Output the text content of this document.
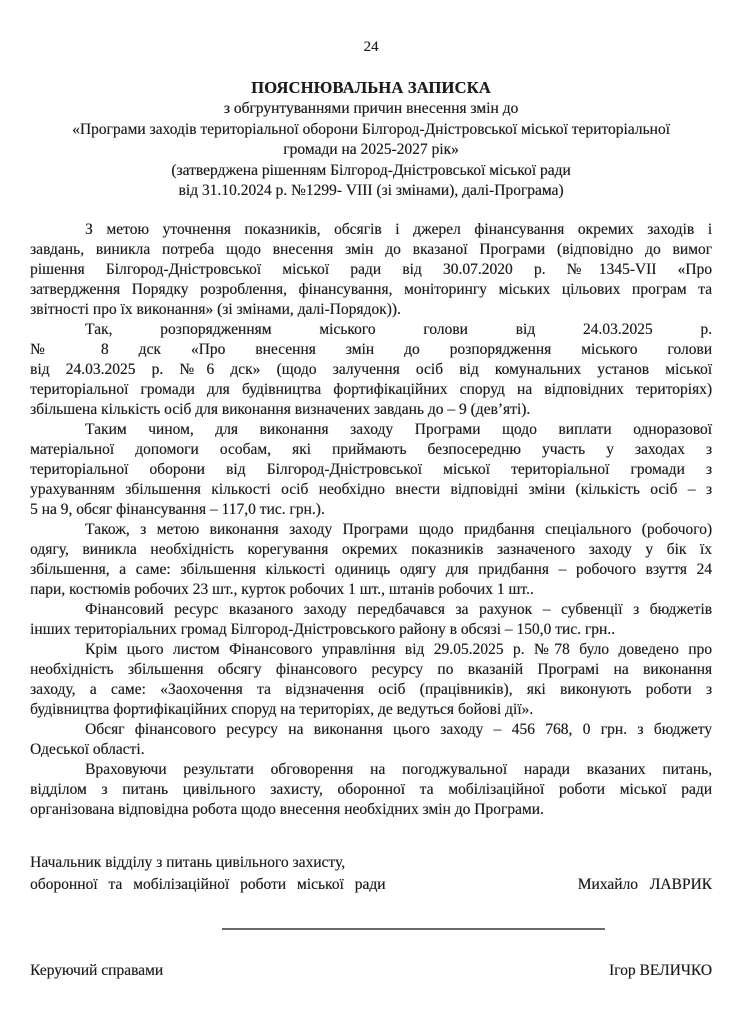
24
ПОЯСНЮВАЛЬНА ЗАПИСКА
з обгрунтуваннями причин внесення змін до
«Програми заходів територіальної оборони Білгород-Дністровської міської територіальної
громади на 2025-2027 рік»
(затверджена рішенням Білгород-Дністровської міської ради
від 31.10.2024 р. №1299- VIII (зі змінами), далі-Програма)
З метою уточнення показників, обсягів і джерел фінансування окремих заходів і
завдань, виникла потреба щодо внесення змін до вказаної Програми (відповідно до вимог
рішення Білгород-Дністровської міської ради від 30.07.2020 р. №1345-VII «Про
затвердження Порядку розроблення, фінансування, моніторингу міських цільових програм та
звітності про їх виконання» (зі змінами, далі-Порядок)).
Так, розпорядженням міського голови від 24.03.2025 р.
№ 8 дск «Про внесення змін до розпорядження міського голови
від 24.03.2025 р. №6 дск» (щодо залучення осіб від комунальних установ міської
територіальної громади для будівництва фортифікаційних споруд на відповідних територіях)
збільшена кількість осіб для виконання визначених завдань до – 9 (дев’яті).
Таким чином, для виконання заходу Програми щодо виплати одноразової
матеріальної допомоги особам, які приймають безпосередню участь у заходах з
територіальної оборони від Білгород-Дністровської міської територіальної громади з
урахуванням збільшення кількості осіб необхідно внести відповідні зміни (кількість осіб – з
5 на 9, обсяг фінансування – 117,0 тис. грн.).
Також, з метою виконання заходу Програми щодо придбання спеціального (робочого)
одягу, виникла необхідність корегування окремих показників зазначеного заходу у бік їх
збільшення, а саме: збільшення кількості одиниць одягу для придбання – робочого взуття 24
пари, костюмів робочих 23 шт., курток робочих 1 шт., штанів робочих 1 шт..
Фінансовий ресурс вказаного заходу передбачався за рахунок – субвенції з бюджетів
інших територіальних громад Білгород-Дністровського району в обсязі – 150,0 тис. грн..
Крім цього листом Фінансового управління від 29.05.2025 р. №78 було доведено про
необхідність збільшення обсягу фінансового ресурсу по вказаній Програмі на виконання
заходу, а саме: «Заохочення та відзначення осіб (працівників), які виконують роботи з
будівництва фортифікаційних споруд на територіях, де ведуться бойові дії».
Обсяг фінансового ресурсу на виконання цього заходу – 456 768, 0 грн. з бюджету
Одеської області.
Враховуючи результати обговорення на погоджувальної наради вказаних питань,
відділом з питань цивільного захисту, оборонної та мобілізаційної роботи міської ради
організована відповідна робота щодо внесення необхідних змін до Програми.
Начальник відділу з питань цивільного захисту,
оборонної та мобілізаційної роботи міської ради	Михайло ЛАВРИК
Керуючий справами	Ігор ВЕЛИЧКО
